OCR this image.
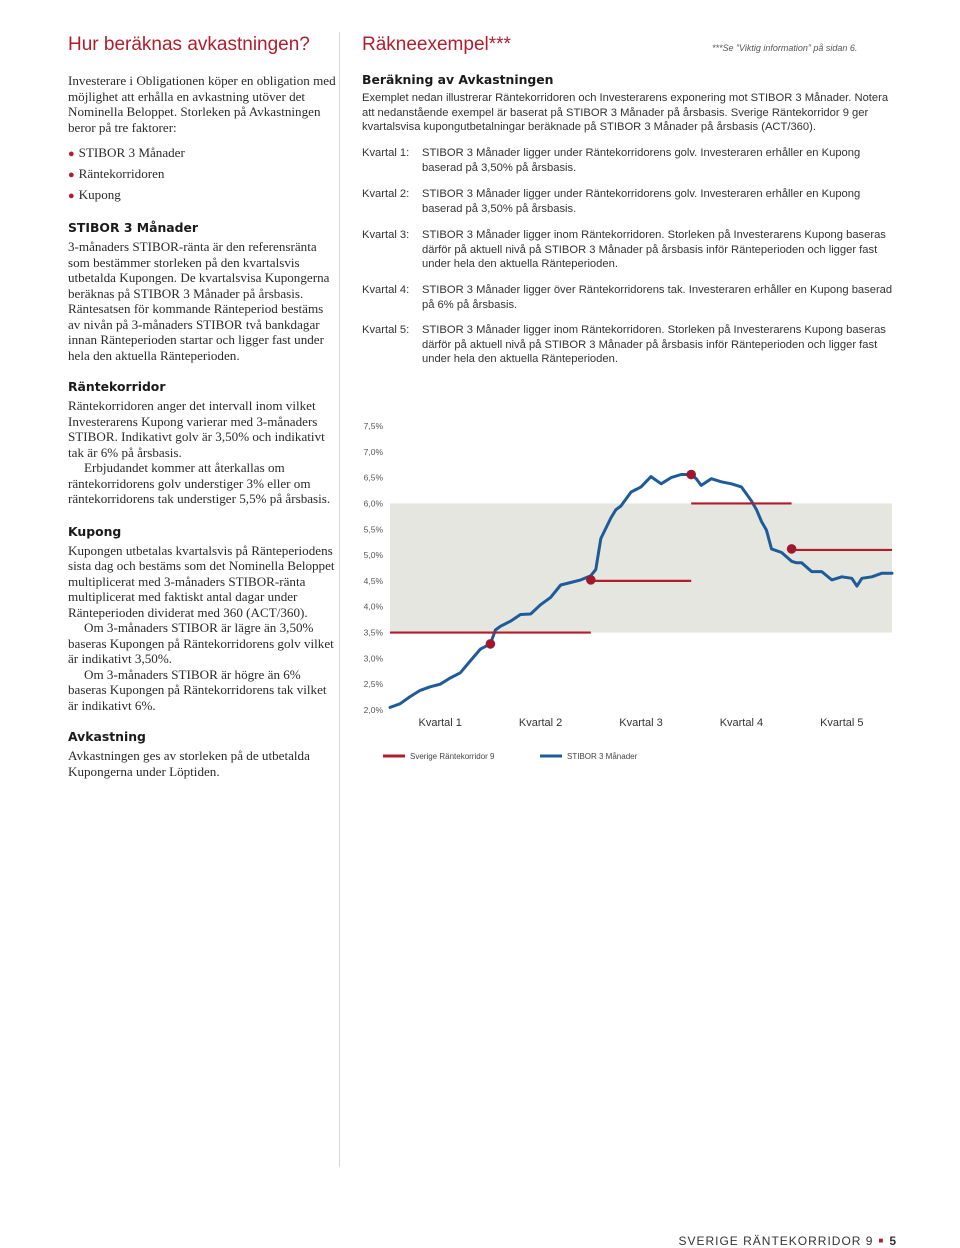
Hur beräknas avkastningen?

Investerare i Obligationen köper en obligation med möjlighet att erhålla en avkastning utöver det Nominella Beloppet. Storleken på Avkastningen beror på tre faktorer:

● STIBOR 3 Månader
● Räntekorridoren
● Kupong
STIBOR 3 Månader

3-månaders STIBOR-ränta är den referensränta som bestämmer storleken på den kvartalsvis utbetalda Kupongen. De kvartalsvisa Kupongerna beräknas på STIBOR 3 Månader på årsbasis. Räntesatsen för kommande Ränteperiod bestäms av nivån på 3-månaders STIBOR två bankdagar innan Ränteperioden startar och ligger fast under hela den aktuella Ränteperioden.

Räntekorridor

Räntekorridoren anger det intervall inom vilket Investerarens Kupong varierar med 3-månaders STIBOR. Indikativt golv är 3,50% och indikativt tak är 6% på årsbasis.

Erbjudandet kommer att återkallas om räntekorridorens golv understiger 3% eller om räntekorridorens tak understiger 5,5% på årsbasis.

Kupong

Kupongen utbetalas kvartalsvis på Ränteperiodens sista dag och bestäms som det Nominella Beloppet multiplicerat med 3-månaders STIBOR-ränta multiplicerat med faktiskt antal dagar under Ränteperioden dividerat med 360 (ACT/360).

Om 3-månaders STIBOR är lägre än 3,50% baseras Kupongen på Räntekorridorens golv vilket är indikativt 3,50%.

Om 3-månaders STIBOR är högre än 6% baseras Kupongen på Räntekorridorens tak vilket är indikativt 6%.

Avkastning

Avkastningen ges av storleken på de utbetalda Kupongerna under Löptiden.

Räkneexempel***	***Se ”Viktig information” på sidan 6.
Beräkning av Avkastningen
Exemplet nedan illustrerar Räntekorridoren och Investerarens exponering mot STIBOR 3 Månader. Notera att nedanstående exempel är baserat på STIBOR 3 Månader på årsbasis. Sverige Räntekorridor 9 ger kvartalsvisa kupongutbetalningar beräknade på STIBOR 3 Månader på årsbasis (ACT/360).
Kvartal 1:	STIBOR 3 Månader ligger under Räntekorridorens golv. Investeraren erhåller en Kupong baserad på 3,50% på årsbasis.
Kvartal 2:	STIBOR 3 Månader ligger under Räntekorridorens golv. Investeraren erhåller en Kupong baserad på 3,50% på årsbasis.
Kvartal 3:	STIBOR 3 Månader ligger inom Räntekorridoren. Storleken på Investerarens Kupong baseras därför på aktuell nivå på STIBOR 3 Månader på årsbasis inför Ränteperioden och ligger fast under hela den aktuella Ränteperioden.
Kvartal 4:	STIBOR 3 Månader ligger över Räntekorridorens tak. Investeraren erhåller en Kupong baserad på 6% på årsbasis.
Kvartal 5:	STIBOR 3 Månader ligger inom Räntekorridoren. Storleken på Investerarens Kupong baseras därför på aktuell nivå på STIBOR 3 Månader på årsbasis inför Ränteperioden och ligger fast under hela den aktuella Ränteperioden.
2,0%
2,5%
3,0%
3,5%
4,0%
4,5%
5,0%
5,5%
6,0%
6,5%
7,0%
7,5%
Kvartal 1	Kvartal 2	Kvartal 3	Kvartal 4	Kvartal 5
Sverige Räntekorridor 9	STIBOR 3 Månader
SVERIGE RÄNTEKORRIDOR 9 ■ 5
